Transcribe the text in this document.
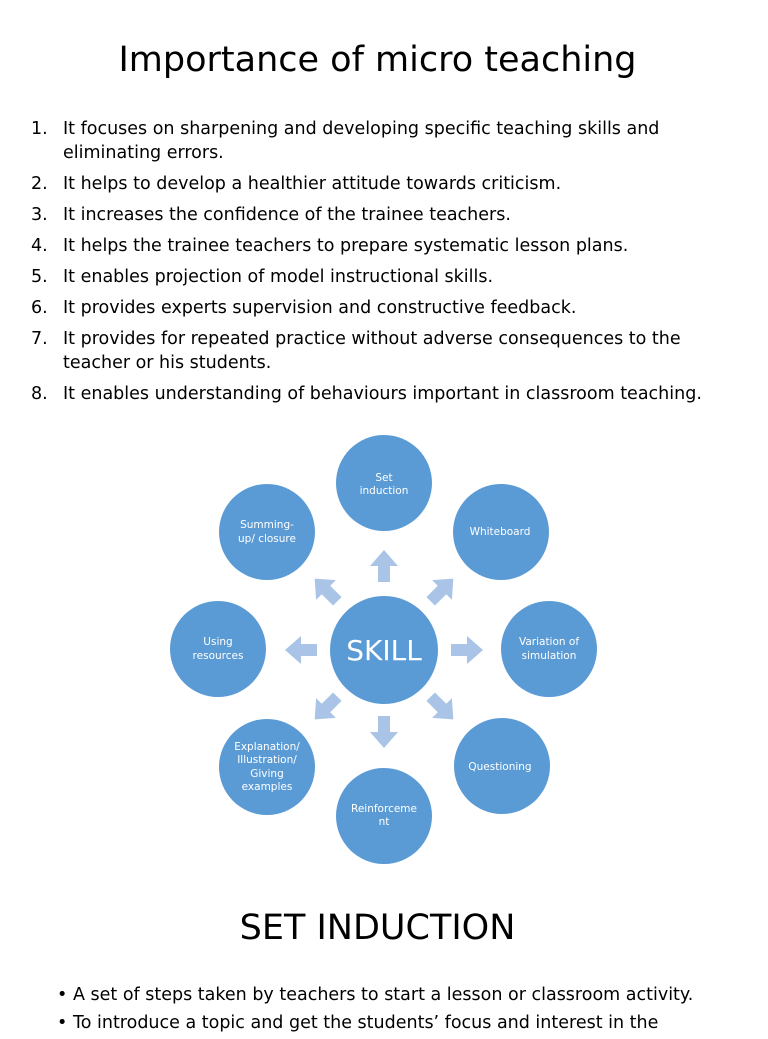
Importance of micro teaching
1. It focuses on sharpening and developing specific teaching skills and
eliminating errors.
2. It helps to develop a healthier attitude towards criticism.
3. It increases the confidence of the trainee teachers.
4. It helps the trainee teachers to prepare systematic lesson plans.
5. It enables projection of model instructional skills.
6. It provides experts supervision and constructive feedback.
7. It provides for repeated practice without adverse consequences to the
teacher or his students.
8. It enables understanding of behaviours important in classroom teaching.
SKILL
Set
induction
Whiteboard
Variation of
simulation
Questioning
Reinforceme
nt
Explanation/
Illustration/
Giving
examples
Using
resources
Summing-
up/ closure
SET INDUCTION
• A set of steps taken by teachers to start a lesson or classroom activity.
• To introduce a topic and get the students’ focus and interest in the
